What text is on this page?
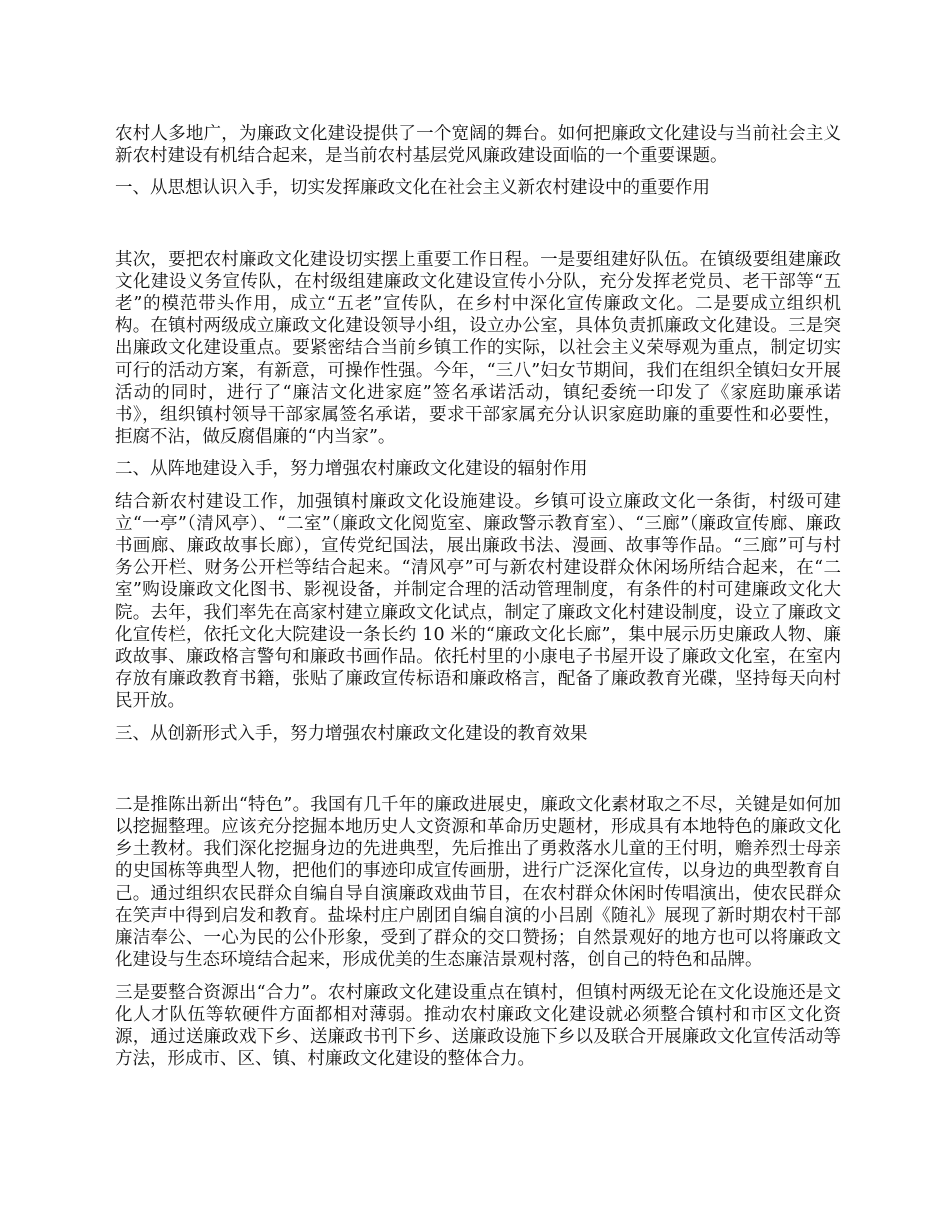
农村人多地广，为廉政文化建设提供了一个宽阔的舞台。如何把廉政文化建设与当前社会主义新农村建设有机结合起来，是当前农村基层党风廉政建设面临的一个重要课题。

一、从思想认识入手，切实发挥廉政文化在社会主义新农村建设中的重要作用

其次，要把农村廉政文化建设切实摆上重要工作日程。一是要组建好队伍。在镇级要组建廉政文化建设义务宣传队，在村级组建廉政文化建设宣传小分队，充分发挥老党员、老干部等“五老”的模范带头作用，成立“五老”宣传队，在乡村中深化宣传廉政文化。二是要成立组织机构。在镇村两级成立廉政文化建设领导小组，设立办公室，具体负责抓廉政文化建设。三是突出廉政文化建设重点。要紧密结合当前乡镇工作的实际，以社会主义荣辱观为重点，制定切实可行的活动方案，有新意，可操作性强。今年，“三八”妇女节期间，我们在组织全镇妇女开展活动的同时，进行了“廉洁文化进家庭”签名承诺活动，镇纪委统一印发了《家庭助廉承诺书》，组织镇村领导干部家属签名承诺，要求干部家属充分认识家庭助廉的重要性和必要性，拒腐不沾，做反腐倡廉的“内当家”。

二、从阵地建设入手，努力增强农村廉政文化建设的辐射作用

结合新农村建设工作，加强镇村廉政文化设施建设。乡镇可设立廉政文化一条街，村级可建立“一亭”（清风亭）、“二室”（廉政文化阅览室、廉政警示教育室）、“三廊”（廉政宣传廊、廉政书画廊、廉政故事长廊），宣传党纪国法，展出廉政书法、漫画、故事等作品。“三廊”可与村务公开栏、财务公开栏等结合起来。“清风亭”可与新农村建设群众休闲场所结合起来，在“二室”购设廉政文化图书、影视设备，并制定合理的活动管理制度，有条件的村可建廉政文化大院。去年，我们率先在高家村建立廉政文化试点，制定了廉政文化村建设制度，设立了廉政文化宣传栏，依托文化大院建设一条长约 10 米的“廉政文化长廊”，集中展示历史廉政人物、廉政故事、廉政格言警句和廉政书画作品。依托村里的小康电子书屋开设了廉政文化室，在室内存放有廉政教育书籍，张贴了廉政宣传标语和廉政格言，配备了廉政教育光碟，坚持每天向村民开放。

三、从创新形式入手，努力增强农村廉政文化建设的教育效果

二是推陈出新出“特色”。我国有几千年的廉政进展史，廉政文化素材取之不尽，关键是如何加以挖掘整理。应该充分挖掘本地历史人文资源和革命历史题材，形成具有本地特色的廉政文化乡土教材。我们深化挖掘身边的先进典型，先后推出了勇救落水儿童的王付明，赡养烈士母亲的史国栋等典型人物，把他们的事迹印成宣传画册，进行广泛深化宣传，以身边的典型教育自己。通过组织农民群众自编自导自演廉政戏曲节目，在农村群众休闲时传唱演出，使农民群众在笑声中得到启发和教育。盐垛村庄户剧团自编自演的小吕剧《随礼》展现了新时期农村干部廉洁奉公、一心为民的公仆形象，受到了群众的交口赞扬；自然景观好的地方也可以将廉政文化建设与生态环境结合起来，形成优美的生态廉洁景观村落，创自己的特色和品牌。

三是要整合资源出“合力”。农村廉政文化建设重点在镇村，但镇村两级无论在文化设施还是文化人才队伍等软硬件方面都相对薄弱。推动农村廉政文化建设就必须整合镇村和市区文化资源，通过送廉政戏下乡、送廉政书刊下乡、送廉政设施下乡以及联合开展廉政文化宣传活动等方法，形成市、区、镇、村廉政文化建设的整体合力。
